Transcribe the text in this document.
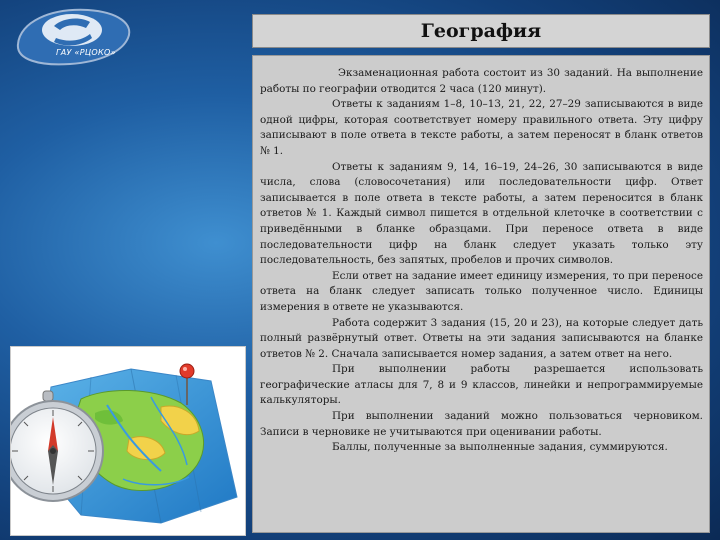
ГАУ «РЦОКО»
География

Экзаменационная работа состоит из 30 заданий. На выполнение работы по географии отводится 2 часа (120 минут).

Ответы к заданиям 1–8, 10–13, 21, 22, 27–29 записываются в виде одной цифры, которая соответствует номеру правильного ответа. Эту цифру записывают в поле ответа в тексте работы, а затем переносят в бланк ответов № 1.

Ответы к заданиям 9, 14, 16–19, 24–26, 30 записываются в виде числа, слова (словосочетания) или последовательности цифр. Ответ записывается в поле ответа в тексте работы, а затем переносится в бланк ответов № 1. Каждый символ пишется в отдельной клеточке в соответствии с приведёнными в бланке образцами. При переносе ответа в виде последовательности цифр на бланк следует указать только эту последовательность, без запятых, пробелов и прочих символов.

Если ответ на задание имеет единицу измерения, то при переносе ответа на бланк следует записать только полученное число. Единицы измерения в ответе не указываются.

Работа содержит 3 задания (15, 20 и 23), на которые следует дать полный развёрнутый ответ. Ответы на эти задания записываются на бланке ответов № 2. Сначала записывается номер задания, а затем ответ на него.

При выполнении работы разрешается использовать географические атласы для 7, 8 и 9 классов, линейки и непрограммируемые калькуляторы.

При выполнении заданий можно пользоваться черновиком. Записи в черновике не учитываются при оценивании работы.

Баллы, полученные за выполненные задания, суммируются.
